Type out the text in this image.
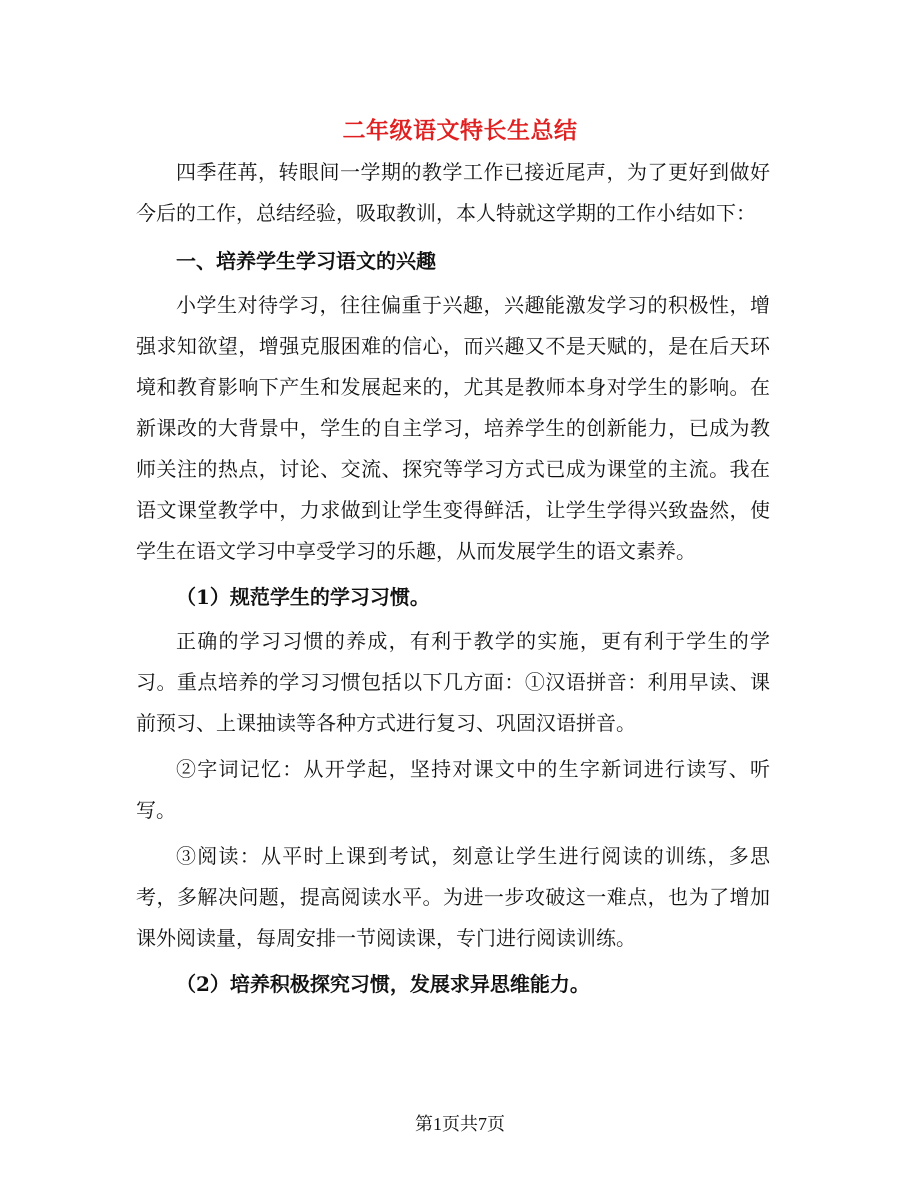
二年级语文特长生总结

四季荏苒，转眼间一学期的教学工作已接近尾声，为了更好到做好今后的工作，总结经验，吸取教训，本人特就这学期的工作小结如下：

一、培养学生学习语文的兴趣

小学生对待学习，往往偏重于兴趣，兴趣能激发学习的积极性，增强求知欲望，增强克服困难的信心，而兴趣又不是天赋的，是在后天环境和教育影响下产生和发展起来的，尤其是教师本身对学生的影响。在新课改的大背景中，学生的自主学习，培养学生的创新能力，已成为教师关注的热点，讨论、交流、探究等学习方式已成为课堂的主流。我在语文课堂教学中，力求做到让学生变得鲜活，让学生学得兴致盎然，使学生在语文学习中享受学习的乐趣，从而发展学生的语文素养。

（1）规范学生的学习习惯。

正确的学习习惯的养成，有利于教学的实施，更有利于学生的学习。重点培养的学习习惯包括以下几方面：①汉语拼音：利用早读、课前预习、上课抽读等各种方式进行复习、巩固汉语拼音。

②字词记忆：从开学起，坚持对课文中的生字新词进行读写、听写。

③阅读：从平时上课到考试，刻意让学生进行阅读的训练，多思考，多解决问题，提高阅读水平。为进一步攻破这一难点，也为了增加课外阅读量，每周安排一节阅读课，专门进行阅读训练。

（2）培养积极探究习惯，发展求异思维能力。

第1页共7页
